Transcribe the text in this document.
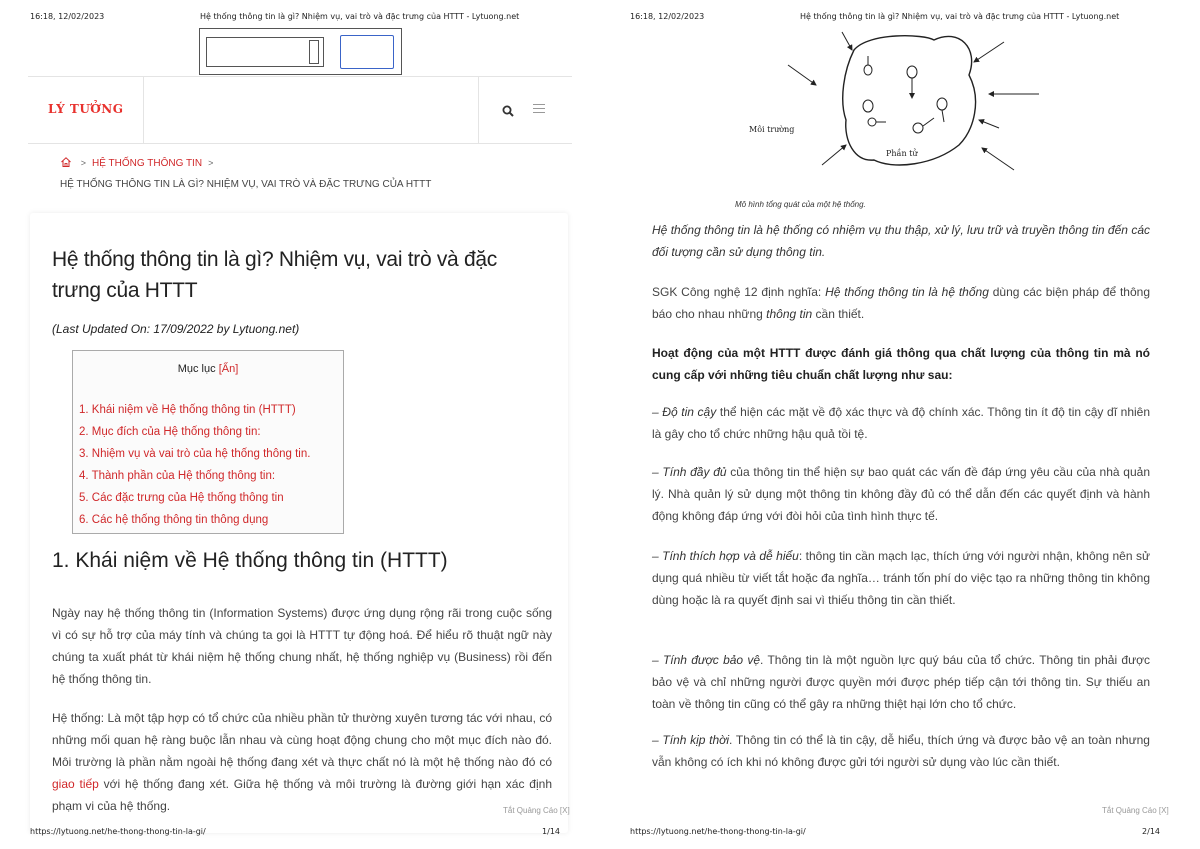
16:18, 12/02/2023	Hệ thống thông tin là gì? Nhiệm vụ, vai trò và đặc trưng của HTTT - Lytuong.net
LÝ TƯỞNG
> HỆ THỐNG THÔNG TIN >
HỆ THỐNG THÔNG TIN LÀ GÌ? NHIỆM VỤ, VAI TRÒ VÀ ĐẶC TRƯNG CỦA HTTT
Hệ thống thông tin là gì? Nhiệm vụ, vai trò và đặc trưng của HTTT
(Last Updated On: 17/09/2022 by Lytuong.net)
Mục lục [Ẩn]
1. Khái niệm về Hệ thống thông tin (HTTT)
2. Mục đích của Hệ thống thông tin:
3. Nhiệm vụ và vai trò của hệ thống thông tin.
4. Thành phần của Hệ thống thông tin:
5. Các đặc trưng của Hệ thống thông tin
6. Các hệ thống thông tin thông dụng
1. Khái niệm về Hệ thống thông tin (HTTT)

Ngày nay hệ thống thông tin (Information Systems) được ứng dụng rộng rãi trong cuộc sống vì có sự hỗ trợ của máy tính và chúng ta gọi là HTTT tự động hoá. Để hiểu rõ thuật ngữ này chúng ta xuất phát từ khái niệm hệ thống chung nhất, hệ thống nghiệp vụ (Business) rồi đến hệ thống thông tin.

Hệ thống: Là một tập hợp có tổ chức của nhiều phần tử thường xuyên tương tác với nhau, có những mối quan hệ ràng buộc lẫn nhau và cùng hoạt động chung cho một mục đích nào đó. Môi trường là phần nằm ngoài hệ thống đang xét và thực chất nó là một hệ thống nào đó có giao tiếp với hệ thống đang xét. Giữa hệ thống và môi trường là đường giới hạn xác định phạm vi của hệ thống.	Tắt Quảng Cáo [X]
https://lytuong.net/he-thong-thong-tin-la-gi/	1/14
16:18, 12/02/2023	Hệ thống thông tin là gì? Nhiệm vụ, vai trò và đặc trưng của HTTT - Lytuong.net
https://lytuong.net/he-thong-thong-tin-la-gi/	2/14
Môi trường
Phần tử
Mô hình tổng quát của một hệ thống.

Hệ thống thông tin là hệ thống có nhiệm vụ thu thập, xử lý, lưu trữ và truyền thông tin đến các đối tượng cần sử dụng thông tin.

SGK Công nghệ 12 định nghĩa: Hệ thống thông tin là hệ thống dùng các biện pháp để thông báo cho nhau những thông tin cần thiết.

Hoạt động của một HTTT được đánh giá thông qua chất lượng của thông tin mà nó cung cấp với những tiêu chuẩn chất lượng như sau:

– Độ tin cậy thể hiện các mặt về độ xác thực và độ chính xác. Thông tin ít độ tin cậy dĩ nhiên là gây cho tổ chức những hậu quả tồi tệ.

– Tính đầy đủ của thông tin thể hiện sự bao quát các vấn đề đáp ứng yêu cầu của nhà quản lý. Nhà quản lý sử dụng một thông tin không đầy đủ có thể dẫn đến các quyết định và hành động không đáp ứng với đòi hỏi của tình hình thực tế.

– Tính thích hợp và dễ hiểu: thông tin cần mạch lạc, thích ứng với người nhận, không nên sử dụng quá nhiều từ viết tắt hoặc đa nghĩa… tránh tốn phí do việc tạo ra những thông tin không dùng hoặc là ra quyết định sai vì thiếu thông tin cần thiết.

– Tính được bảo vệ. Thông tin là một nguồn lực quý báu của tổ chức. Thông tin phải được bảo vệ và chỉ những người được quyền mới được phép tiếp cận tới thông tin. Sự thiếu an toàn về thông tin cũng có thể gây ra những thiệt hại lớn cho tổ chức.

– Tính kịp thời. Thông tin có thể là tin cậy, dễ hiểu, thích ứng và được bảo vệ an toàn nhưng vẫn không có ích khi nó không được gửi tới người sử dụng vào lúc cần thiết.

Tắt Quảng Cáo [X]
